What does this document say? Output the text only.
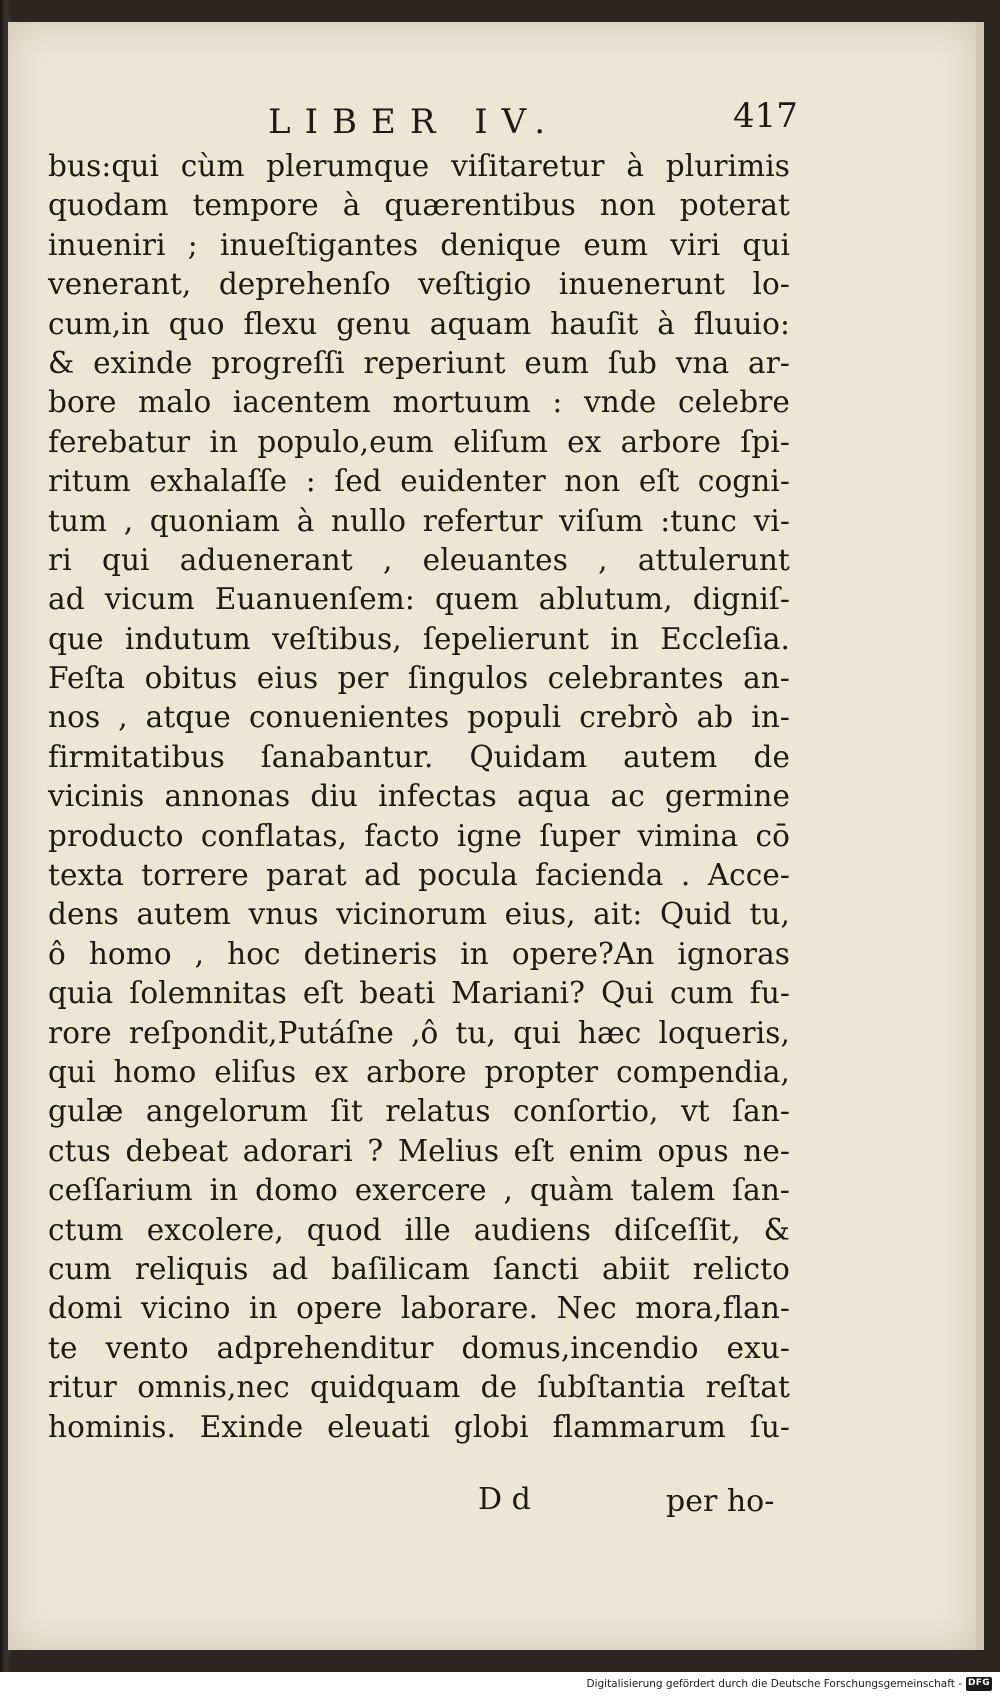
LIBER IV.	417
bus:qui cùm plerumque viſitaretur à plurimis
quodam tempore à quærentibus non poterat
inueniri ; inueſtigantes denique eum viri qui
venerant, deprehenſo veſtigio inuenerunt lo-
cum,in quo flexu genu aquam hauſit à fluuio:
& exinde progreſſi reperiunt eum ſub vna ar-
bore malo iacentem mortuum : vnde celebre
ferebatur in populo,eum eliſum ex arbore ſpi-
ritum exhalaſſe : ſed euidenter non eſt cogni-
tum , quoniam à nullo refertur viſum :tunc vi-
ri qui aduenerant , eleuantes , attulerunt
ad vicum Euanuenſem: quem ablutum, digniſ-
que indutum veſtibus, ſepelierunt in Eccleſia.
Feſta obitus eius per ſingulos celebrantes an-
nos , atque conuenientes populi crebrò ab in-
firmitatibus ſanabantur. Quidam autem de
vicinis annonas diu infectas aqua ac germine
producto conflatas, facto igne ſuper vimina cō
texta torrere parat ad pocula facienda . Acce-
dens autem vnus vicinorum eius, ait: Quid tu,
ô homo , hoc detineris in opere?An ignoras
quia ſolemnitas eſt beati Mariani? Qui cum fu-
rore reſpondit,Putáſne ,ô tu, qui hæc loqueris,
qui homo eliſus ex arbore propter compendia,
gulæ angelorum ſit relatus conſortio, vt ſan-
ctus debeat adorari ? Melius eſt enim opus ne-
ceſſarium in domo exercere , quàm talem ſan-
ctum excolere, quod ille audiens diſceſſit, &
cum reliquis ad baſilicam ſancti abiit relicto
domi vicino in opere laborare. Nec mora,flan-
te vento adprehenditur domus,incendio exu-
ritur omnis,nec quidquam de ſubſtantia reſtat
hominis. Exinde eleuati globi flammarum ſu-
D d	per ho-
Digitalisierung gefördert durch die Deutsche Forschungsgemeinschaft - DFG
